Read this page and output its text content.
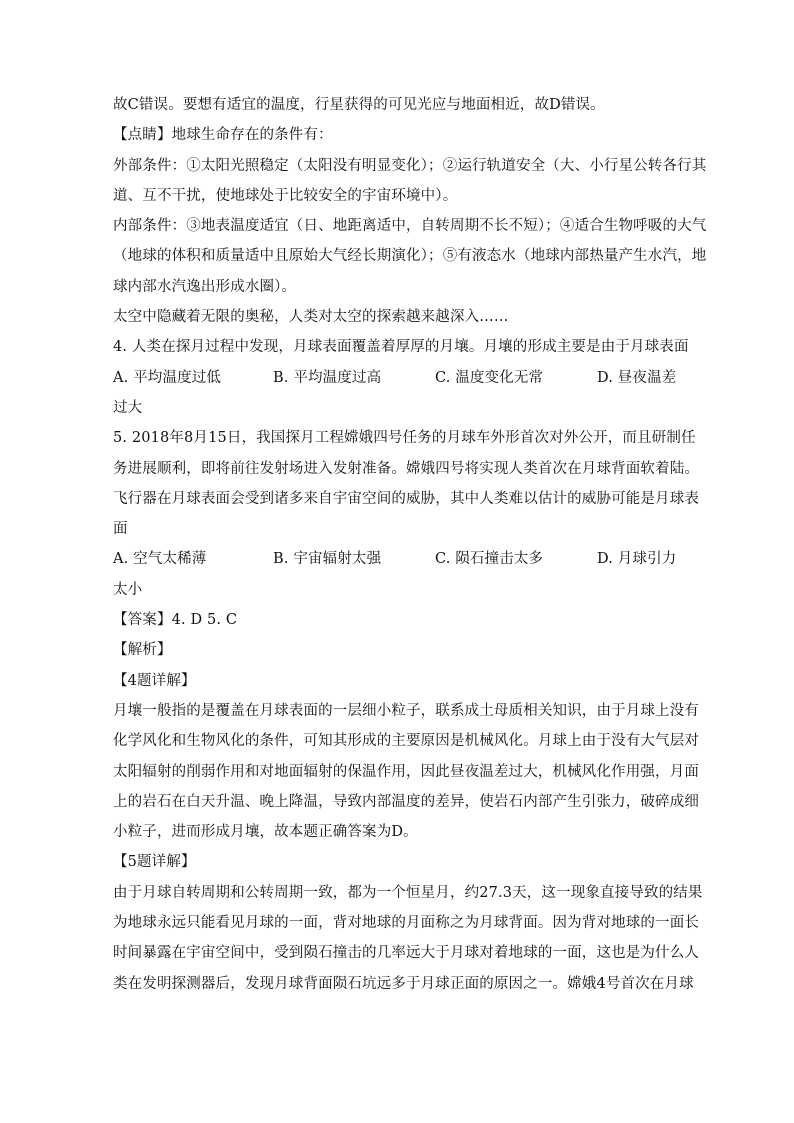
故C错误。要想有适宜的温度，行星获得的可见光应与地面相近，故D错误。
【点睛】地球生命存在的条件有：
外部条件：①太阳光照稳定（太阳没有明显变化）；②运行轨道安全（大、小行星公转各行其
道、互不干扰，使地球处于比较安全的宇宙环境中）。
内部条件：③地表温度适宜（日、地距离适中，自转周期不长不短）；④适合生物呼吸的大气
（地球的体积和质量适中且原始大气经长期演化）；⑤有液态水（地球内部热量产生水汽，地
球内部水汽逸出形成水圈）。
太空中隐藏着无限的奥秘，人类对太空的探索越来越深入……
4. 人类在探月过程中发现，月球表面覆盖着厚厚的月壤。月壤的形成主要是由于月球表面
A. 平均温度过低	B. 平均温度过高	C. 温度变化无常	D. 昼夜温差
过大
5. 2018年8月15日，我国探月工程嫦娥四号任务的月球车外形首次对外公开，而且研制任
务进展顺利，即将前往发射场进入发射准备。嫦娥四号将实现人类首次在月球背面软着陆。
飞行器在月球表面会受到诸多来自宇宙空间的威胁，其中人类难以估计的威胁可能是月球表
面
A. 空气太稀薄	B. 宇宙辐射太强	C. 陨石撞击太多	D. 月球引力
太小
【答案】4. D 5. C
【解析】
【4题详解】
月壤一般指的是覆盖在月球表面的一层细小粒子，联系成土母质相关知识，由于月球上没有
化学风化和生物风化的条件，可知其形成的主要原因是机械风化。月球上由于没有大气层对
太阳辐射的削弱作用和对地面辐射的保温作用，因此昼夜温差过大，机械风化作用强，月面
上的岩石在白天升温、晚上降温，导致内部温度的差异，使岩石内部产生引张力，破碎成细
小粒子，进而形成月壤，故本题正确答案为D。
【5题详解】
由于月球自转周期和公转周期一致，都为一个恒星月，约27.3天，这一现象直接导致的结果
为地球永远只能看见月球的一面，背对地球的月面称之为月球背面。因为背对地球的一面长
时间暴露在宇宙空间中，受到陨石撞击的几率远大于月球对着地球的一面，这也是为什么人
类在发明探测器后，发现月球背面陨石坑远多于月球正面的原因之一。嫦娥4号首次在月球
